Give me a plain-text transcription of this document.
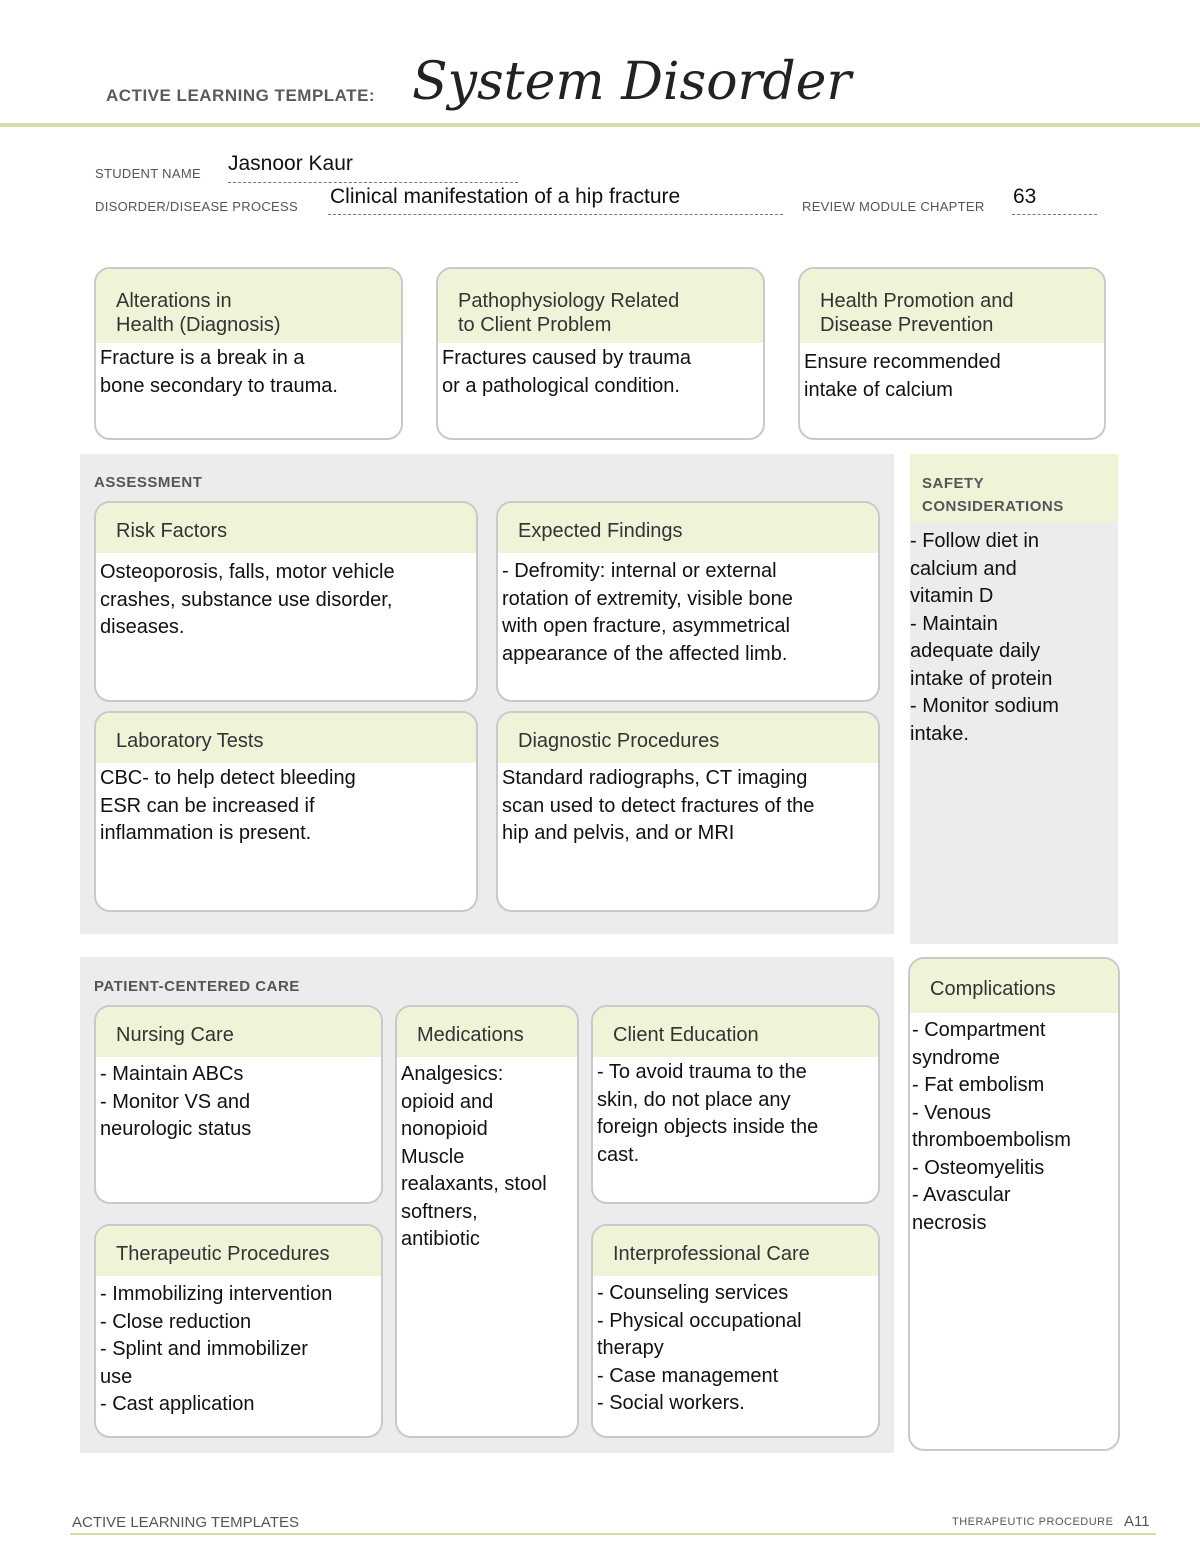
ACTIVE LEARNING TEMPLATE: System Disorder
STUDENT NAME Jasnoor Kaur
DISORDER/DISEASE PROCESS Clinical manifestation of a hip fracture	REVIEW MODULE CHAPTER 63
Alterations in
Health (Diagnosis)
Fracture is a break in a
bone secondary to trauma.
Pathophysiology Related
to Client Problem
Fractures caused by trauma
or a pathological condition.
Health Promotion and
Disease Prevention
Ensure recommended
intake of calcium
ASSESSMENT
Risk Factors
Osteoporosis, falls, motor vehicle
crashes, substance use disorder,
diseases.
Expected Findings
- Defromity: internal or external
rotation of extremity, visible bone
with open fracture, asymmetrical
appearance of the affected limb.
Laboratory Tests
CBC- to help detect bleeding
ESR can be increased if
inflammation is present.
Diagnostic Procedures
Standard radiographs, CT imaging
scan used to detect fractures of the
hip and pelvis, and or MRI
SAFETY
CONSIDERATIONS
- Follow diet in
calcium and
vitamin D
- Maintain
adequate daily
intake of protein
- Monitor sodium
intake.
PATIENT-CENTERED CARE
Nursing Care
- Maintain ABCs
- Monitor VS and
neurologic status
Medications
Analgesics:
opioid and
nonopioid
Muscle
realaxants, stool
softners,
antibiotic
Client Education
- To avoid trauma to the
skin, do not place any
foreign objects inside the
cast.
Therapeutic Procedures
- Immobilizing intervention
- Close reduction
- Splint and immobilizer
use
- Cast application
Interprofessional Care
- Counseling services
- Physical occupational
therapy
- Case management
- Social workers.
Complications
- Compartment
syndrome
- Fat embolism
- Venous
thromboembolism
- Osteomyelitis
- Avascular
necrosis
ACTIVE LEARNING TEMPLATES	THERAPEUTIC PROCEDURE A11
